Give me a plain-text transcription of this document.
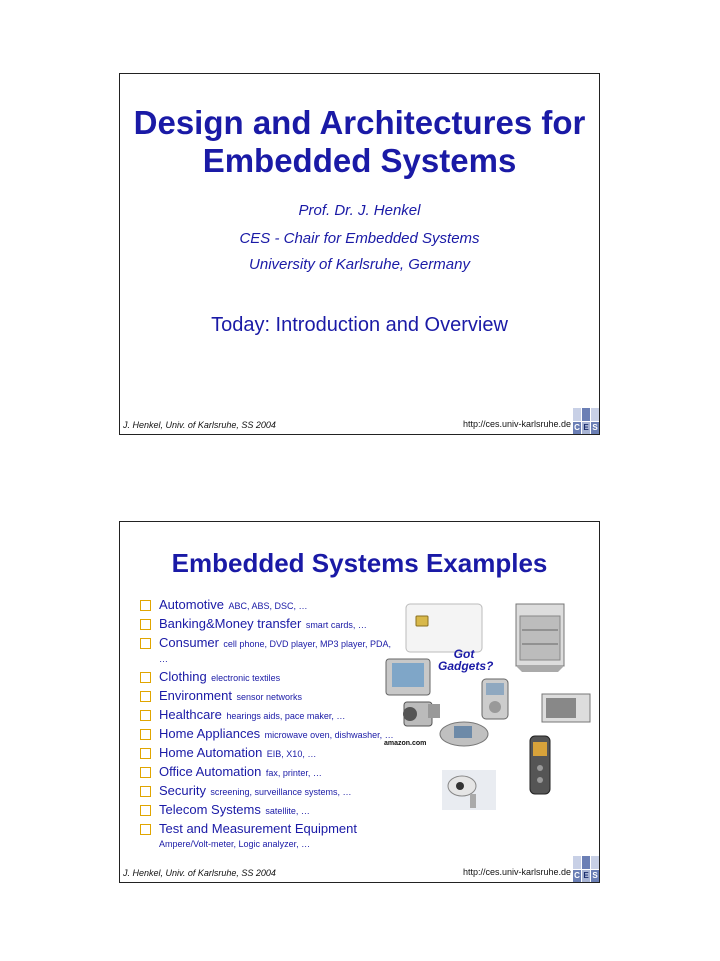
Design and Architectures for Embedded Systems
Prof. Dr. J. Henkel
CES - Chair for Embedded Systems
University of Karlsruhe, Germany
Today: Introduction and Overview
J. Henkel, Univ. of Karlsruhe, SS 2004	http://ces.univ-karlsruhe.de C E S
Embedded Systems Examples
Automotive ABC, ABS, DSC, …
Banking&Money transfer smart cards, …
Consumer cell phone, DVD player, MP3 player, PDA, …
Clothing electronic textiles
Environment sensor networks
Healthcare hearings aids, pace maker, …
Home Appliances microwave oven, dishwasher, …
Home Automation EIB, X10, …
Office Automation fax, printer, …
Security screening, surveillance systems, …
Telecom Systems satellite, …
Test and Measurement Equipment
Ampere/Volt-meter, Logic analyzer, …
Got Gadgets?
amazon.com
J. Henkel, Univ. of Karlsruhe, SS 2004	http://ces.univ-karlsruhe.de C E S
